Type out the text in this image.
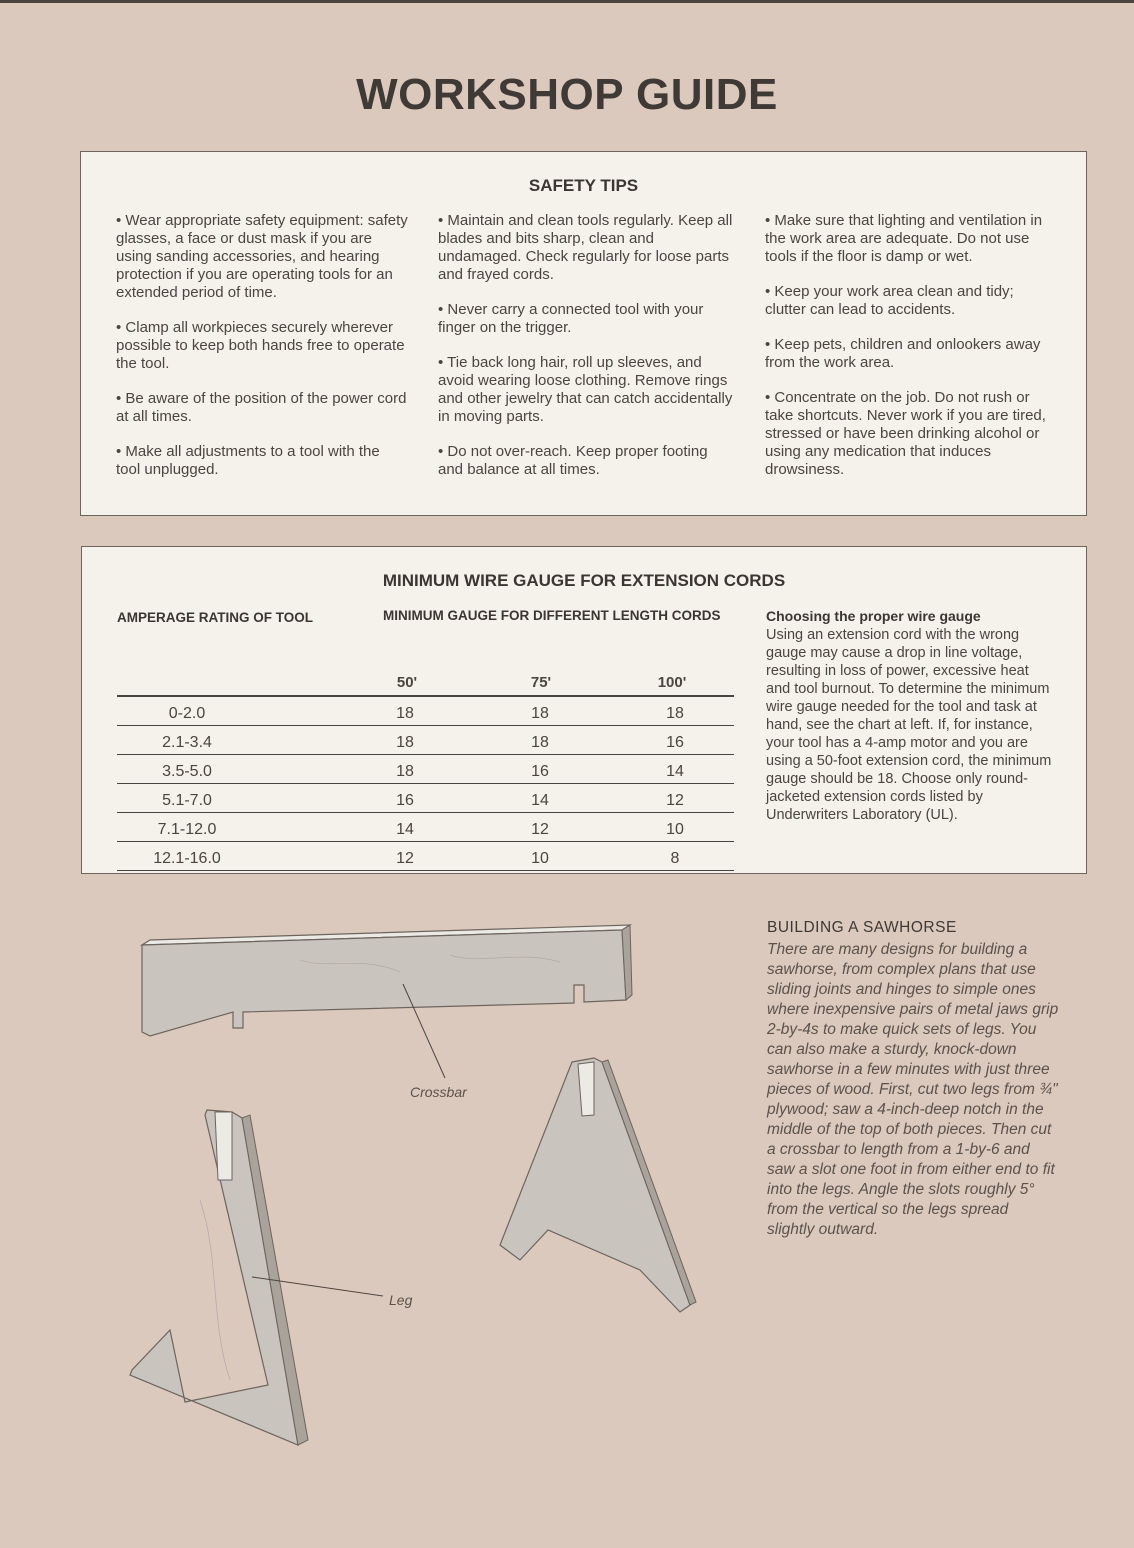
WORKSHOP GUIDE
SAFETY TIPS

• Wear appropriate safety equipment: safety glasses, a face or dust mask if you are using sanding accessories, and hearing protection if you are operating tools for an extended period of time.

• Clamp all workpieces securely wherever possible to keep both hands free to operate the tool.

• Be aware of the position of the power cord at all times.

• Make all adjustments to a tool with the tool unplugged.

• Maintain and clean tools regularly. Keep all blades and bits sharp, clean and undamaged. Check regularly for loose parts and frayed cords.

• Never carry a connected tool with your finger on the trigger.

• Tie back long hair, roll up sleeves, and avoid wearing loose clothing. Remove rings and other jewelry that can catch accidentally in moving parts.

• Do not over-reach. Keep proper footing and balance at all times.

• Make sure that lighting and ventilation in the work area are adequate. Do not use tools if the floor is damp or wet.

• Keep your work area clean and tidy; clutter can lead to accidents.

• Keep pets, children and onlookers away from the work area.

• Concentrate on the job. Do not rush or take shortcuts. Never work if you are tired, stressed or have been drinking alcohol or using any medication that induces drowsiness.

MINIMUM WIRE GAUGE FOR EXTENSION CORDS
AMPERAGE RATING OF TOOL	MINIMUM GAUGE FOR DIFFERENT LENGTH CORDS
50'	75'	100'
0-2.0	18	18	18
2.1-3.4	18	18	16
3.5-5.0	18	16	14
5.1-7.0	16	14	12
7.1-12.0	14	12	10
12.1-16.0	12	10	8
Choosing the proper wire gauge
Using an extension cord with the wrong gauge may cause a drop in line voltage, resulting in loss of power, excessive heat and tool burnout. To determine the minimum wire gauge needed for the tool and task at hand, see the chart at left. If, for instance, your tool has a 4-amp motor and you are using a 50-foot extension cord, the minimum gauge should be 18. Choose only round-jacketed extension cords listed by Underwriters Laboratory (UL).
Crossbar
Leg
BUILDING A SAWHORSE
There are many designs for building a sawhorse, from complex plans that use sliding joints and hinges to simple ones where inexpensive pairs of metal jaws grip 2-by-4s to make quick sets of legs. You can also make a sturdy, knock-down sawhorse in a few minutes with just three pieces of wood. First, cut two legs from ¾" plywood; saw a 4-inch-deep notch in the middle of the top of both pieces. Then cut a crossbar to length from a 1-by-6 and saw a slot one foot in from either end to fit into the legs. Angle the slots roughly 5° from the vertical so the legs spread slightly outward.
